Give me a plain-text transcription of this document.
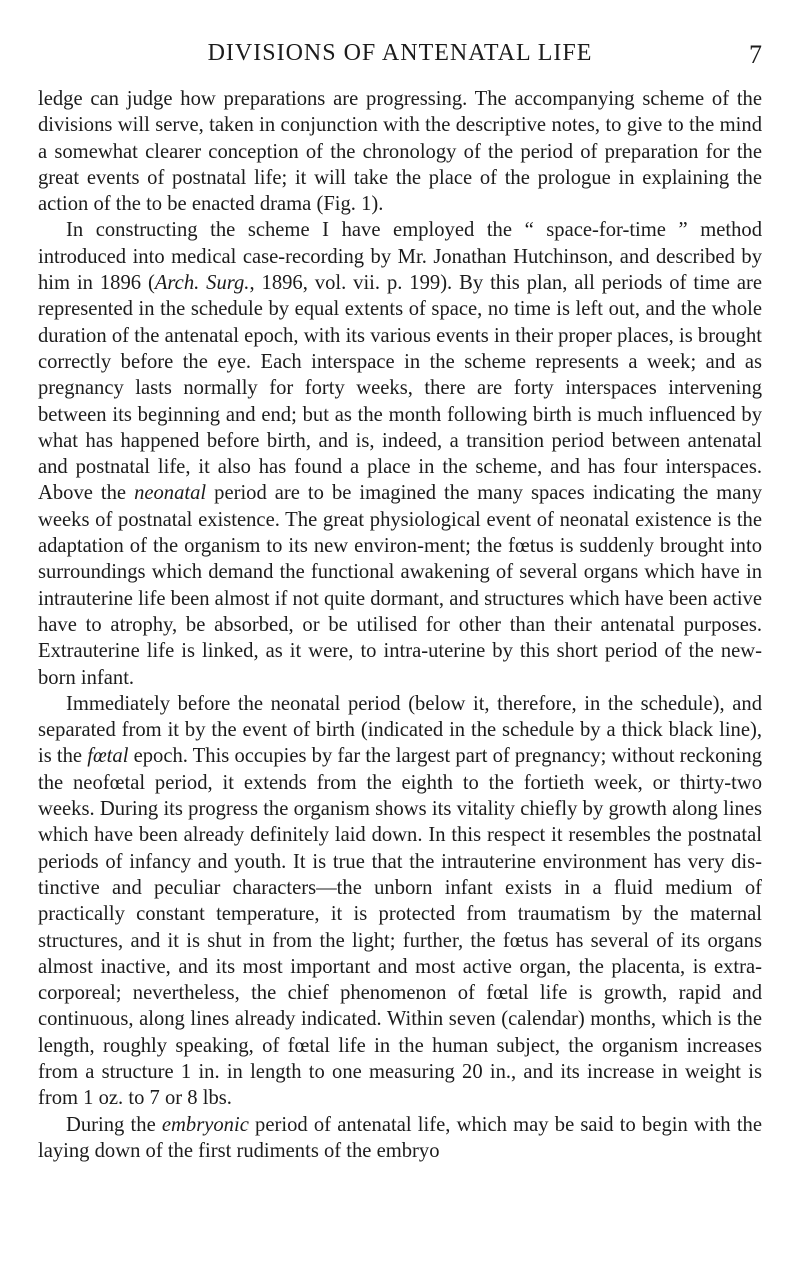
DIVISIONS OF ANTENATAL LIFE	7

ledge can judge how preparations are progressing. The accompanying scheme of the divisions will serve, taken in conjunction with the descriptive notes, to give to the mind a somewhat clearer conception of the chronology of the period of preparation for the great events of postnatal life; it will take the place of the prologue in explaining the action of the to be enacted drama (Fig. 1).

In constructing the scheme I have employed the “ space-for-time ” method introduced into medical case-recording by Mr. Jonathan Hutchinson, and described by him in 1896 (Arch. Surg., 1896, vol. vii. p. 199). By this plan, all periods of time are represented in the schedule by equal extents of space, no time is left out, and the whole duration of the antenatal epoch, with its various events in their proper places, is brought correctly before the eye. Each interspace in the scheme represents a week; and as pregnancy lasts normally for forty weeks, there are forty interspaces intervening between its beginning and end; but as the month following birth is much influenced by what has happened before birth, and is, indeed, a transition period between antenatal and postnatal life, it also has found a place in the scheme, and has four interspaces. Above the neonatal period are to be imagined the many spaces indicating the many weeks of postnatal existence. The great physiological event of neonatal existence is the adaptation of the organism to its new environ-ment; the fœtus is suddenly brought into surroundings which demand the functional awakening of several organs which have in intrauterine life been almost if not quite dormant, and structures which have been active have to atrophy, be absorbed, or be utilised for other than their antenatal purposes. Extrauterine life is linked, as it were, to intra-uterine by this short period of the new-born infant.

Immediately before the neonatal period (below it, therefore, in the schedule), and separated from it by the event of birth (indicated in the schedule by a thick black line), is the fœtal epoch. This occupies by far the largest part of pregnancy; without reckoning the neofœtal period, it extends from the eighth to the fortieth week, or thirty-two weeks. During its progress the organism shows its vitality chiefly by growth along lines which have been already definitely laid down. In this respect it resembles the postnatal periods of infancy and youth. It is true that the intrauterine environment has very dis-tinctive and peculiar characters—the unborn infant exists in a fluid medium of practically constant temperature, it is protected from traumatism by the maternal structures, and it is shut in from the light; further, the fœtus has several of its organs almost inactive, and its most important and most active organ, the placenta, is extra-corporeal; nevertheless, the chief phenomenon of fœtal life is growth, rapid and continuous, along lines already indicated. Within seven (calendar) months, which is the length, roughly speaking, of fœtal life in the human subject, the organism increases from a structure 1 in. in length to one measuring 20 in., and its increase in weight is from 1 oz. to 7 or 8 lbs.

During the embryonic period of antenatal life, which may be said to begin with the laying down of the first rudiments of the embryo
